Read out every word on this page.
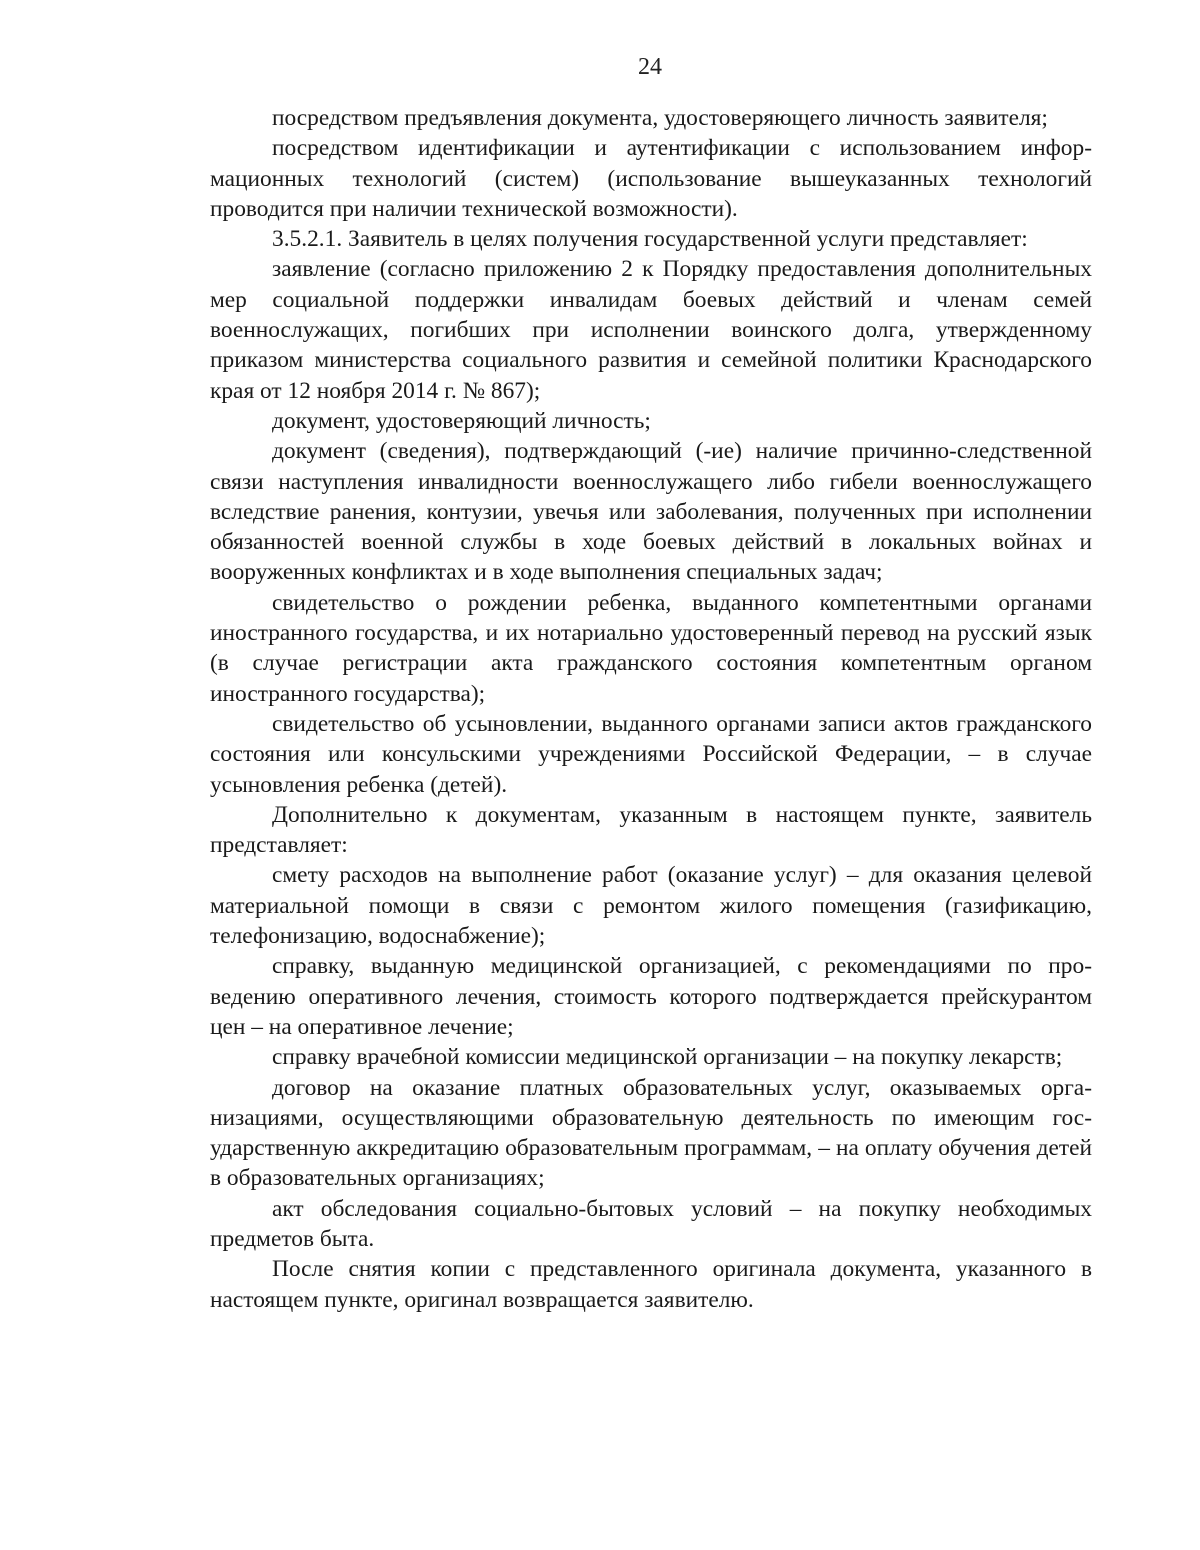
24

посредством предъявления документа, удостоверяющего личность заявителя;

посредством идентификации и аутентификации с использованием информационных технологий (систем) (использование вышеуказанных технологий проводится при наличии технической возможности).

3.5.2.1. Заявитель в целях получения государственной услуги представляет:

заявление (согласно приложению 2 к Порядку предоставления дополнительных мер социальной поддержки инвалидам боевых действий и членам семей военнослужащих, погибших при исполнении воинского долга, утвержденному приказом министерства социального развития и семейной политики Краснодарского края от 12 ноября 2014 г. № 867);

документ, удостоверяющий личность;

документ (сведения), подтверждающий (-ие) наличие причинно-следственной связи наступления инвалидности военнослужащего либо гибели военнослужащего вследствие ранения, контузии, увечья или заболевания, полученных при исполнении обязанностей военной службы в ходе боевых действий в локальных войнах и вооруженных конфликтах и в ходе выполнения специальных задач;

свидетельство о рождении ребенка, выданного компетентными органами иностранного государства, и их нотариально удостоверенный перевод на русский язык (в случае регистрации акта гражданского состояния компетентным органом иностранного государства);

свидетельство об усыновлении, выданного органами записи актов гражданского состояния или консульскими учреждениями Российской Федерации, – в случае усыновления ребенка (детей).

Дополнительно к документам, указанным в настоящем пункте, заявитель представляет:

смету расходов на выполнение работ (оказание услуг) – для оказания целевой материальной помощи в связи с ремонтом жилого помещения (газификацию, телефонизацию, водоснабжение);

справку, выданную медицинской организацией, с рекомендациями по проведению оперативного лечения, стоимость которого подтверждается прейскурантом цен – на оперативное лечение;

справку врачебной комиссии медицинской организации – на покупку лекарств;

договор на оказание платных образовательных услуг, оказываемых организациями, осуществляющими образовательную деятельность по имеющим государственную аккредитацию образовательным программам, – на оплату обучения детей в образовательных организациях;

акт обследования социально-бытовых условий – на покупку необходимых предметов быта.

После снятия копии с представленного оригинала документа, указанного в настоящем пункте, оригинал возвращается заявителю.
